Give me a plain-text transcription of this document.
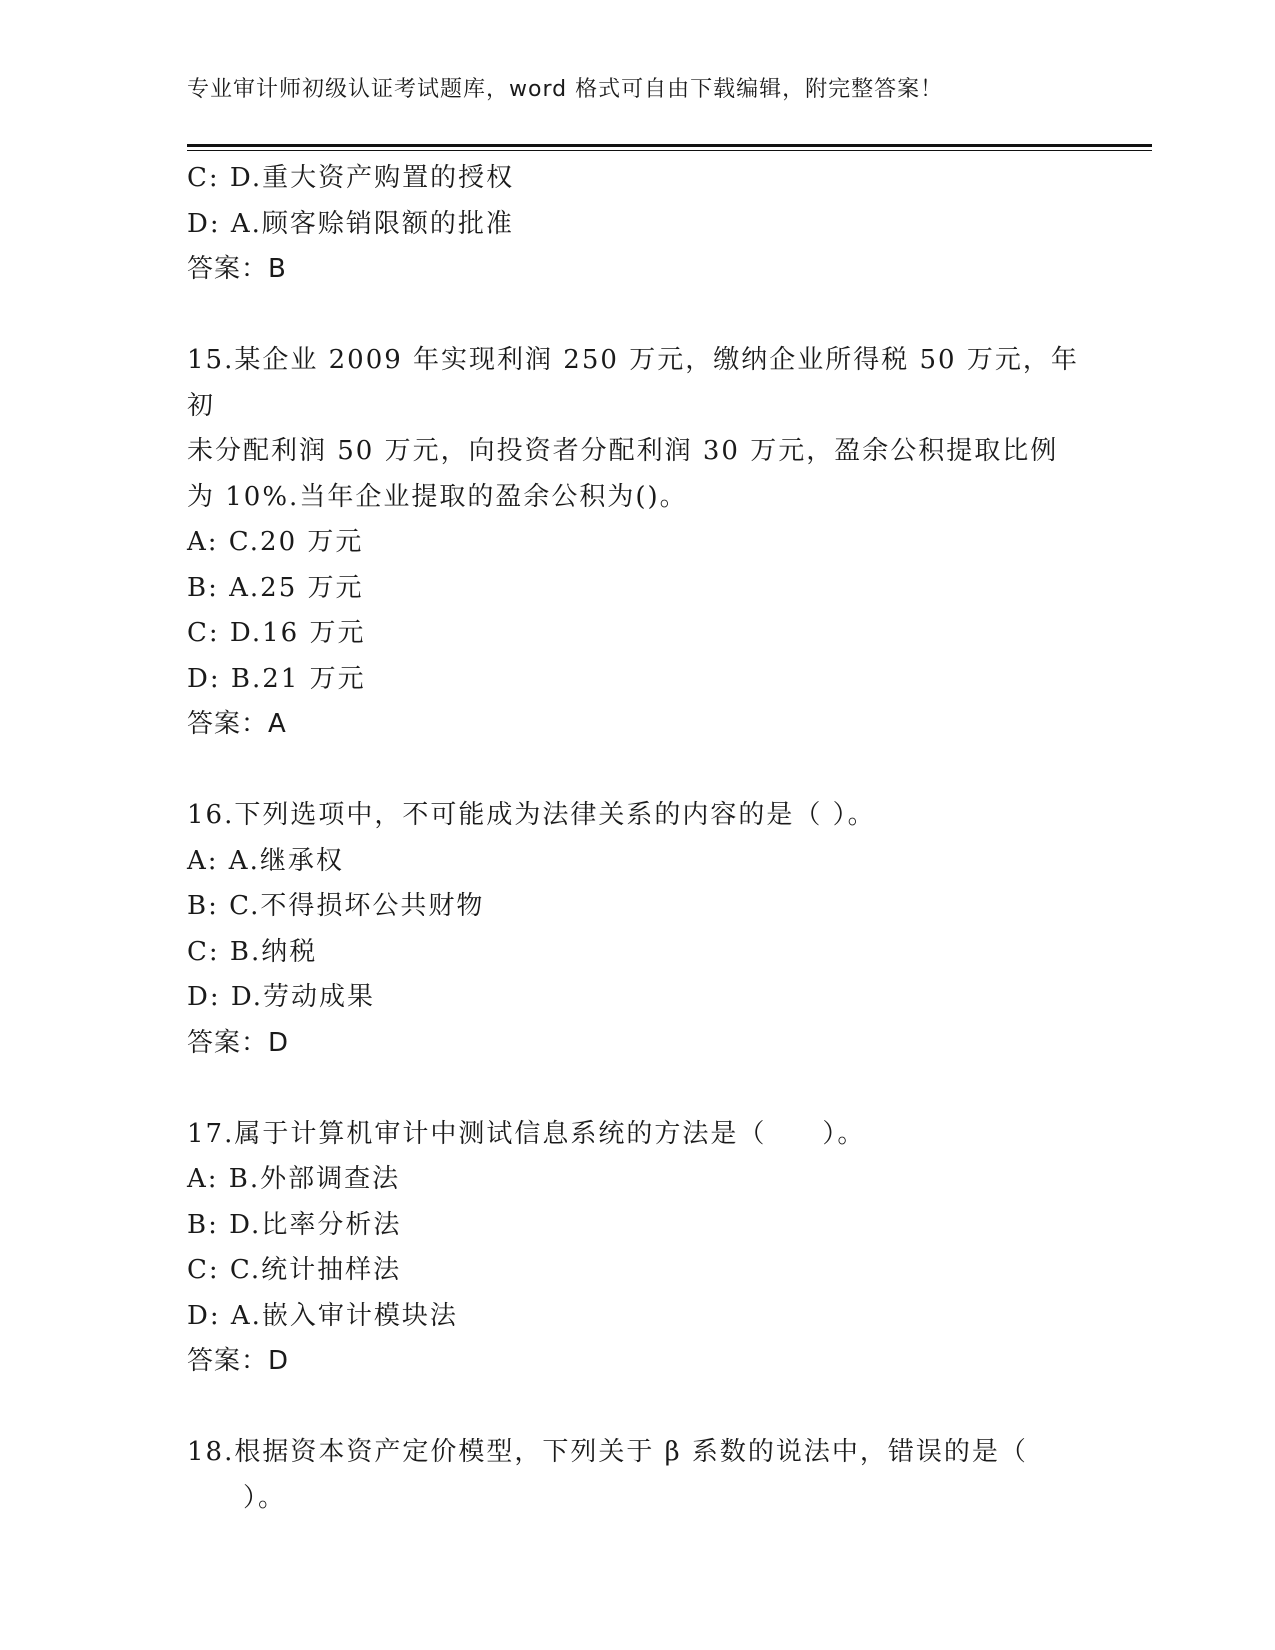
专业审计师初级认证考试题库，word 格式可自由下载编辑，附完整答案！
C: D.重大资产购置的授权
D: A.顾客赊销限额的批准
答案：B
15.某企业 2009 年实现利润 250 万元，缴纳企业所得税 50 万元，年初
未分配利润 50 万元，向投资者分配利润 30 万元，盈余公积提取比例
为 10%.当年企业提取的盈余公积为()。
A: C.20 万元
B: A.25 万元
C: D.16 万元
D: B.21 万元
答案：A
16.下列选项中，不可能成为法律关系的内容的是（ ）。
A: A.继承权
B: C.不得损坏公共财物
C: B.纳税
D: D.劳动成果
答案：D
17.属于计算机审计中测试信息系统的方法是（　　）。
A: B.外部调查法
B: D.比率分析法
C: C.统计抽样法
D: A.嵌入审计模块法
答案：D
18.根据资本资产定价模型，下列关于 β 系数的说法中，错误的是（
　　）。
